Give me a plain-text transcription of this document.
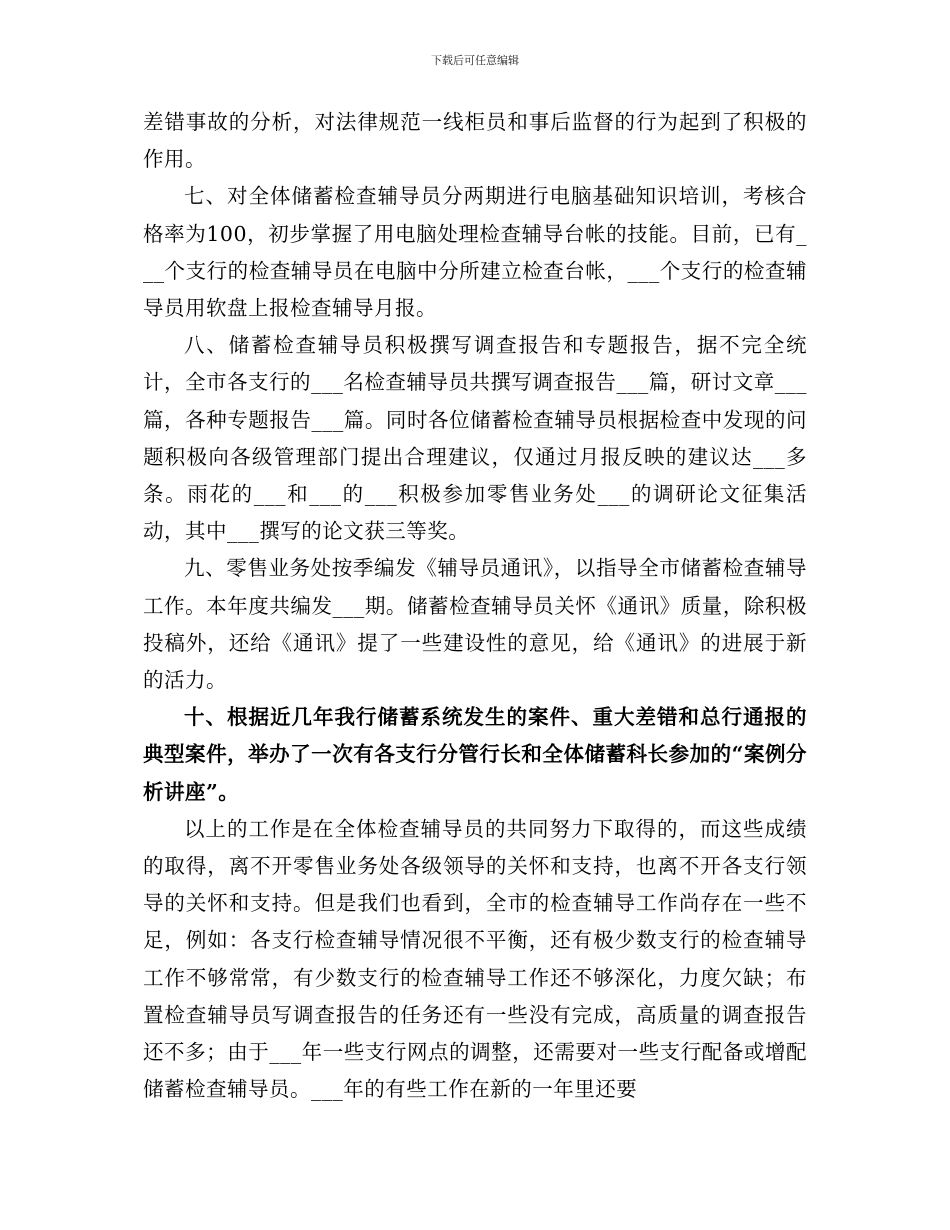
下载后可任意编辑

差错事故的分析，对法律规范一线柜员和事后监督的行为起到了积极的作用。

七、对全体储蓄检查辅导员分两期进行电脑基础知识培训，考核合格率为100，初步掌握了用电脑处理检查辅导台帐的技能。目前，已有___个支行的检查辅导员在电脑中分所建立检查台帐，___个支行的检查辅导员用软盘上报检查辅导月报。

八、储蓄检查辅导员积极撰写调查报告和专题报告，据不完全统计，全市各支行的___名检查辅导员共撰写调查报告___篇，研讨文章___篇，各种专题报告___篇。同时各位储蓄检查辅导员根据检查中发现的问题积极向各级管理部门提出合理建议，仅通过月报反映的建议达___多条。雨花的___和___的___积极参加零售业务处___的调研论文征集活动，其中___撰写的论文获三等奖。

九、零售业务处按季编发《辅导员通讯》，以指导全市储蓄检查辅导工作。本年度共编发___期。储蓄检查辅导员关怀《通讯》质量，除积极投稿外，还给《通讯》提了一些建设性的意见，给《通讯》的进展于新的活力。

十、根据近几年我行储蓄系统发生的案件、重大差错和总行通报的典型案件，举办了一次有各支行分管行长和全体储蓄科长参加的“案例分析讲座”。

以上的工作是在全体检查辅导员的共同努力下取得的，而这些成绩的取得，离不开零售业务处各级领导的关怀和支持，也离不开各支行领导的关怀和支持。但是我们也看到，全市的检查辅导工作尚存在一些不足，例如：各支行检查辅导情况很不平衡，还有极少数支行的检查辅导工作不够常常，有少数支行的检查辅导工作还不够深化，力度欠缺；布置检查辅导员写调查报告的任务还有一些没有完成，高质量的调查报告还不多；由于___年一些支行网点的调整，还需要对一些支行配备或增配储蓄检查辅导员。___年的有些工作在新的一年里还要
